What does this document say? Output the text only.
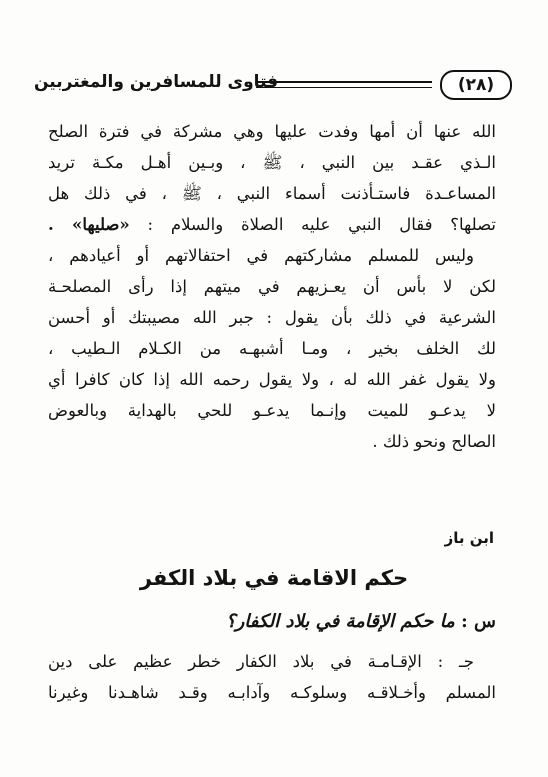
(٢٨)
فتاوى للمسافرين والمغتربين

الله عنها أن أمها وفدت عليها وهي مشركة في فترة الصلح

الـذي عقـد بين النبي ، ﷺ ، وبـين أهـل مكـة تريد

المساعـدة فاستـأذنت أسماء النبي ، ﷺ ، في ذلك هل

تصلها؟ فقال النبي عليه الصلاة والسلام : «صليها» .

وليس للمسلم مشاركتهم في احتفالاتهم أو أعيادهم ،

لكن لا بأس أن يعـزيهم في ميتهم إذا رأى المصلحـة

الشرعية في ذلك بأن يقول : جبر الله مصيبتك أو أحسن

لك الخلف بخير ، ومـا أشبهـه من الكـلام الـطيب ،

ولا يقول غفر الله له ، ولا يقول رحمه الله إذا كان كافرا أي

لا يدعـو للميت وإنـما يدعـو للحي بالهداية وبالعوض

الصالح ونحو ذلك .

ابن باز
حكم الاقامة في بلاد الكفر
س : ما حكم الإقامة في بلاد الكفار؟

جـ : الإقـامـة في بلاد الكفار خطر عظيم على دين

المسلم وأخـلاقـه وسلوكـه وآدابـه وقـد شاهـدنا وغيرنا
